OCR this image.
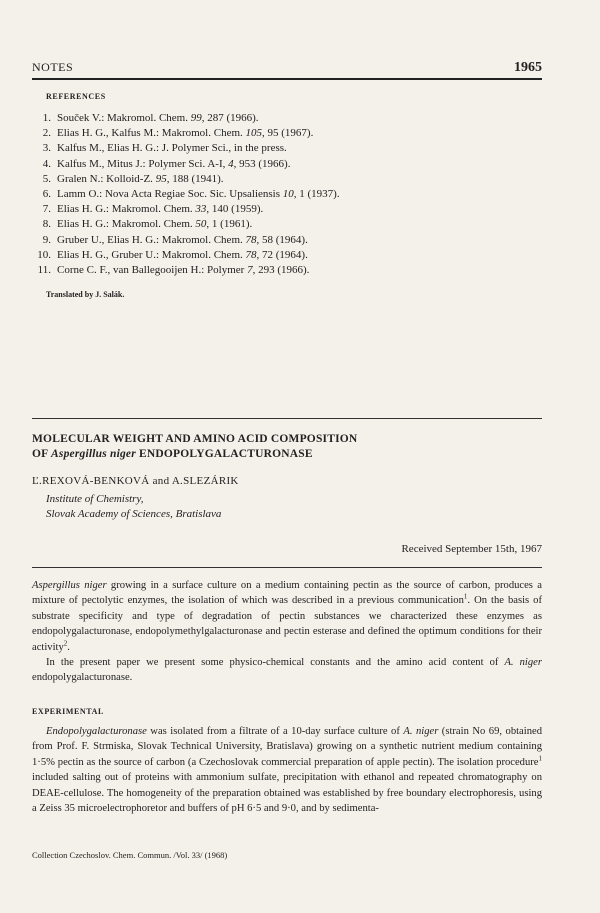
NOTES	1965
REFERENCES
1. Souček V.: Makromol. Chem. 99, 287 (1966).
2. Elias H. G., Kalfus M.: Makromol. Chem. 105, 95 (1967).
3. Kalfus M., Elias H. G.: J. Polymer Sci., in the press.
4. Kalfus M., Mitus J.: Polymer Sci. A-I, 4, 953 (1966).
5. Gralen N.: Kolloid-Z. 95, 188 (1941).
6. Lamm O.: Nova Acta Regiae Soc. Sic. Upsaliensis 10, 1 (1937).
7. Elias H. G.: Makromol. Chem. 33, 140 (1959).
8. Elias H. G.: Makromol. Chem. 50, 1 (1961).
9. Gruber U., Elias H. G.: Makromol. Chem. 78, 58 (1964).
10. Elias H. G., Gruber U.: Makromol. Chem. 78, 72 (1964).
11. Corne C. F., van Ballegooijen H.: Polymer 7, 293 (1966).
Translated by J. Salák.
MOLECULAR WEIGHT AND AMINO ACID COMPOSITION
OF Aspergillus niger ENDOPOLYGALACTURONASE
Ľ.REXOVÁ-BENKOVÁ and A.SLEZÁRIK
Institute of Chemistry,
Slovak Academy of Sciences, Bratislava
Received September 15th, 1967

Aspergillus niger growing in a surface culture on a medium containing pectin as the source of carbon, produces a mixture of pectolytic enzymes, the isolation of which was described in a previous communication$^1$. On the basis of substrate specificity and type of degradation of pectin substances we characterized these enzymes as endopolygalacturonase, endopolymethylgalacturonase and pectin esterase and defined the optimum conditions for their activity$^2$.

In the present paper we present some physico-chemical constants and the amino acid content of A. niger endopolygalacturonase.

EXPERIMENTAL
Endopolygalacturonase was isolated from a filtrate of a 10-day surface culture of A. niger (strain No 69, obtained from Prof. F. Strmiska, Slovak Technical University, Bratislava) growing on a synthetic nutrient medium containing 1·5% pectin as the source of carbon (a Czechoslovak commercial preparation of apple pectin). The isolation procedure$^1$ included salting out of proteins with ammonium sulfate, precipitation with ethanol and repeated chromatography on DEAE-cellulose. The homogeneity of the preparation obtained was established by free boundary electrophoresis, using a Zeiss 35 microelectrophoretor and buffers of pH 6·5 and 9·0, and by sedimenta-
Collection Czechoslov. Chem. Commun. /Vol. 33/ (1968)
